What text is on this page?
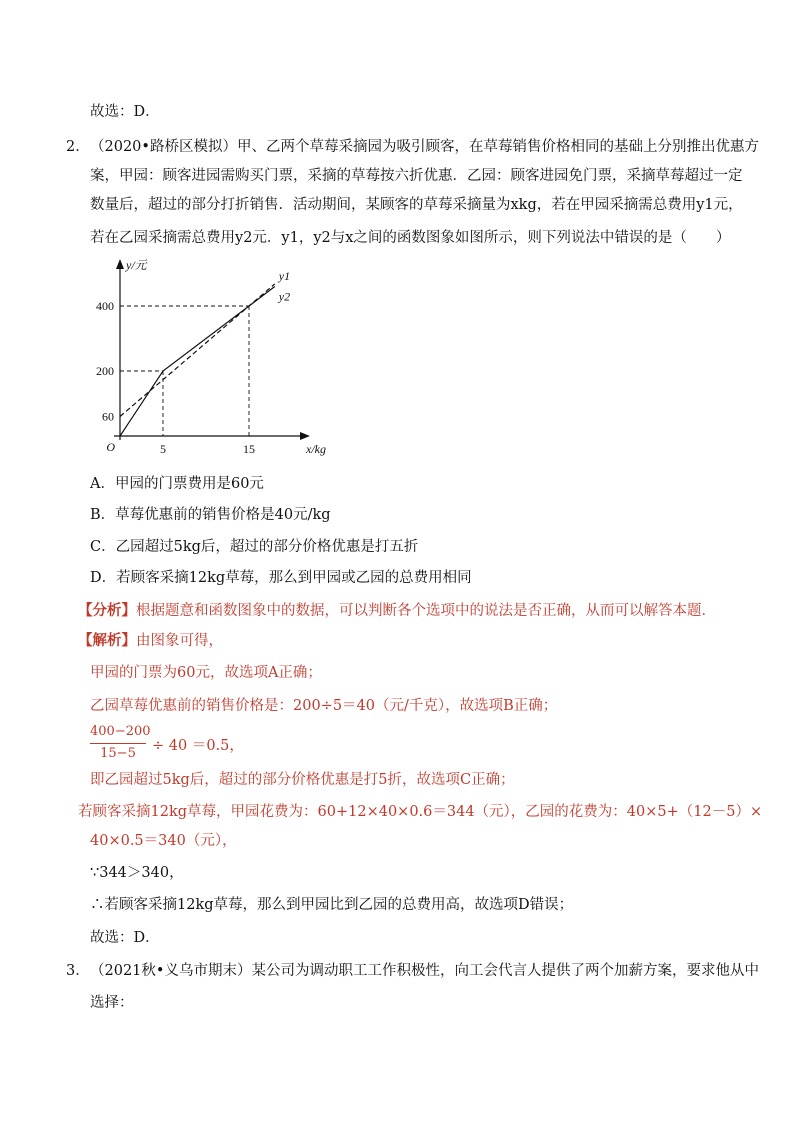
故选：D．
2． （2020•路桥区模拟）甲、乙两个草莓采摘园为吸引顾客，在草莓销售价格相同的基础上分别推出优惠方
案，甲园：顾客进园需购买门票，采摘的草莓按六折优惠．乙园：顾客进园免门票，采摘草莓超过一定
数量后，超过的部分打折销售．活动期间，某顾客的草莓采摘量为xkg，若在甲园采摘需总费用y1元，
若在乙园采摘需总费用y2元．y1，y2与x之间的函数图象如图所示，则下列说法中错误的是（　　）
x/kg
y/元
O	5	15
60
200
400
y1
y2
A．甲园的门票费用是60元
B．草莓优惠前的销售价格是40元/kg
C．乙园超过5kg后，超过的部分价格优惠是打五折
D．若顾客采摘12kg草莓，那么到甲园或乙园的总费用相同
【分析】根据题意和函数图象中的数据，可以判断各个选项中的说法是否正确，从而可以解答本题．
【解析】由图象可得，
甲园的门票为60元，故选项A正确；
乙园草莓优惠前的销售价格是：200÷5＝40（元/千克），故选项B正确；
400−200
15−5	÷ 40 ＝0.5，
即乙园超过5kg后，超过的部分价格优惠是打5折，故选项C正确；
若顾客采摘12kg草莓，甲园花费为：60+12×40×0.6＝344（元），乙园的花费为：40×5+（12－5）×
40×0.5＝340（元），
∵344＞340，
∴若顾客采摘12kg草莓，那么到甲园比到乙园的总费用高，故选项D错误；
故选：D．
3． （2021秋•义乌市期末）某公司为调动职工工作积极性，向工会代言人提供了两个加薪方案，要求他从中
选择：
